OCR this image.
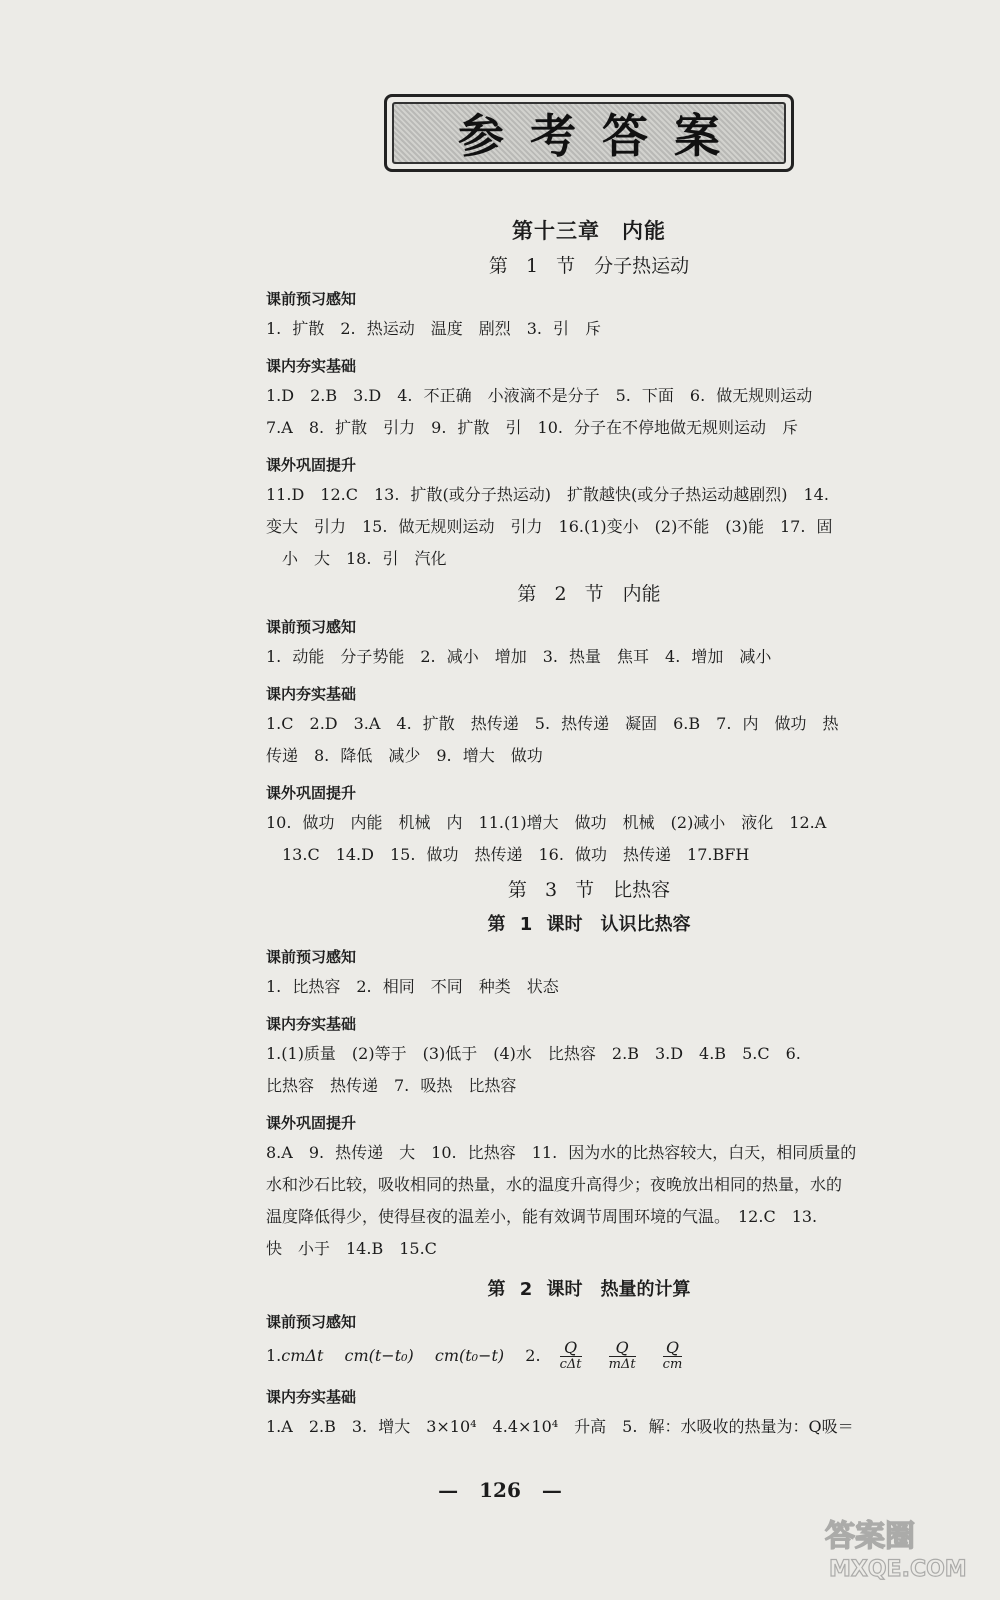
参考答案
第十三章　内能
第 1 节　分子热运动
课前预习感知

1. 扩散　2. 热运动　温度　剧烈　3. 引　斥

课内夯实基础

1.D　2.B　3.D　4. 不正确　小液滴不是分子　5. 下面　6. 做无规则运动

7.A　8. 扩散　引力　9. 扩散　引　10. 分子在不停地做无规则运动　斥

课外巩固提升

11.D　12.C　13. 扩散(或分子热运动)　扩散越快(或分子热运动越剧烈)　14.

变大　引力　15. 做无规则运动　引力　16.(1)变小　(2)不能　(3)能　17. 固

　小　大　18. 引　汽化

第 2 节　内能
课前预习感知

1. 动能　分子势能　2. 减小　增加　3. 热量　焦耳　4. 增加　减小

课内夯实基础

1.C　2.D　3.A　4. 扩散　热传递　5. 热传递　凝固　6.B　7. 内　做功　热

传递　8. 降低　减少　9. 增大　做功

课外巩固提升

10. 做功　内能　机械　内　11.(1)增大　做功　机械　(2)减小　液化　12.A

　13.C　14.D　15. 做功　热传递　16. 做功　热传递　17.BFH

第 3 节　比热容
第 1 课时　认识比热容
课前预习感知

1. 比热容　2. 相同　不同　种类　状态

课内夯实基础

1.(1)质量　(2)等于　(3)低于　(4)水　比热容　2.B　3.D　4.B　5.C　6.

比热容　热传递　7. 吸热　比热容

课外巩固提升

8.A　9. 热传递　大　10. 比热容　11. 因为水的比热容较大，白天，相同质量的

水和沙石比较，吸收相同的热量，水的温度升高得少；夜晚放出相同的热量，水的

温度降低得少，使得昼夜的温差小，能有效调节周围环境的气温。　12.C　13.

快　小于　14.B　15.C

第 2 课时　热量的计算
课前预习感知

1.cmΔt cm(t−t₀) cm(t₀−t) 2. $\frac{Q}{\text{cΔt}}$
$\frac{Q}{\text{mΔt}}$
$\frac{Q}{cm}$

课内夯实基础

1.A　2.B　3. 增大　3×10⁴　4.4×10⁴　升高　5. 解：水吸收的热量为：Q吸＝

— 126 —
答案圈
MXQE.COM
